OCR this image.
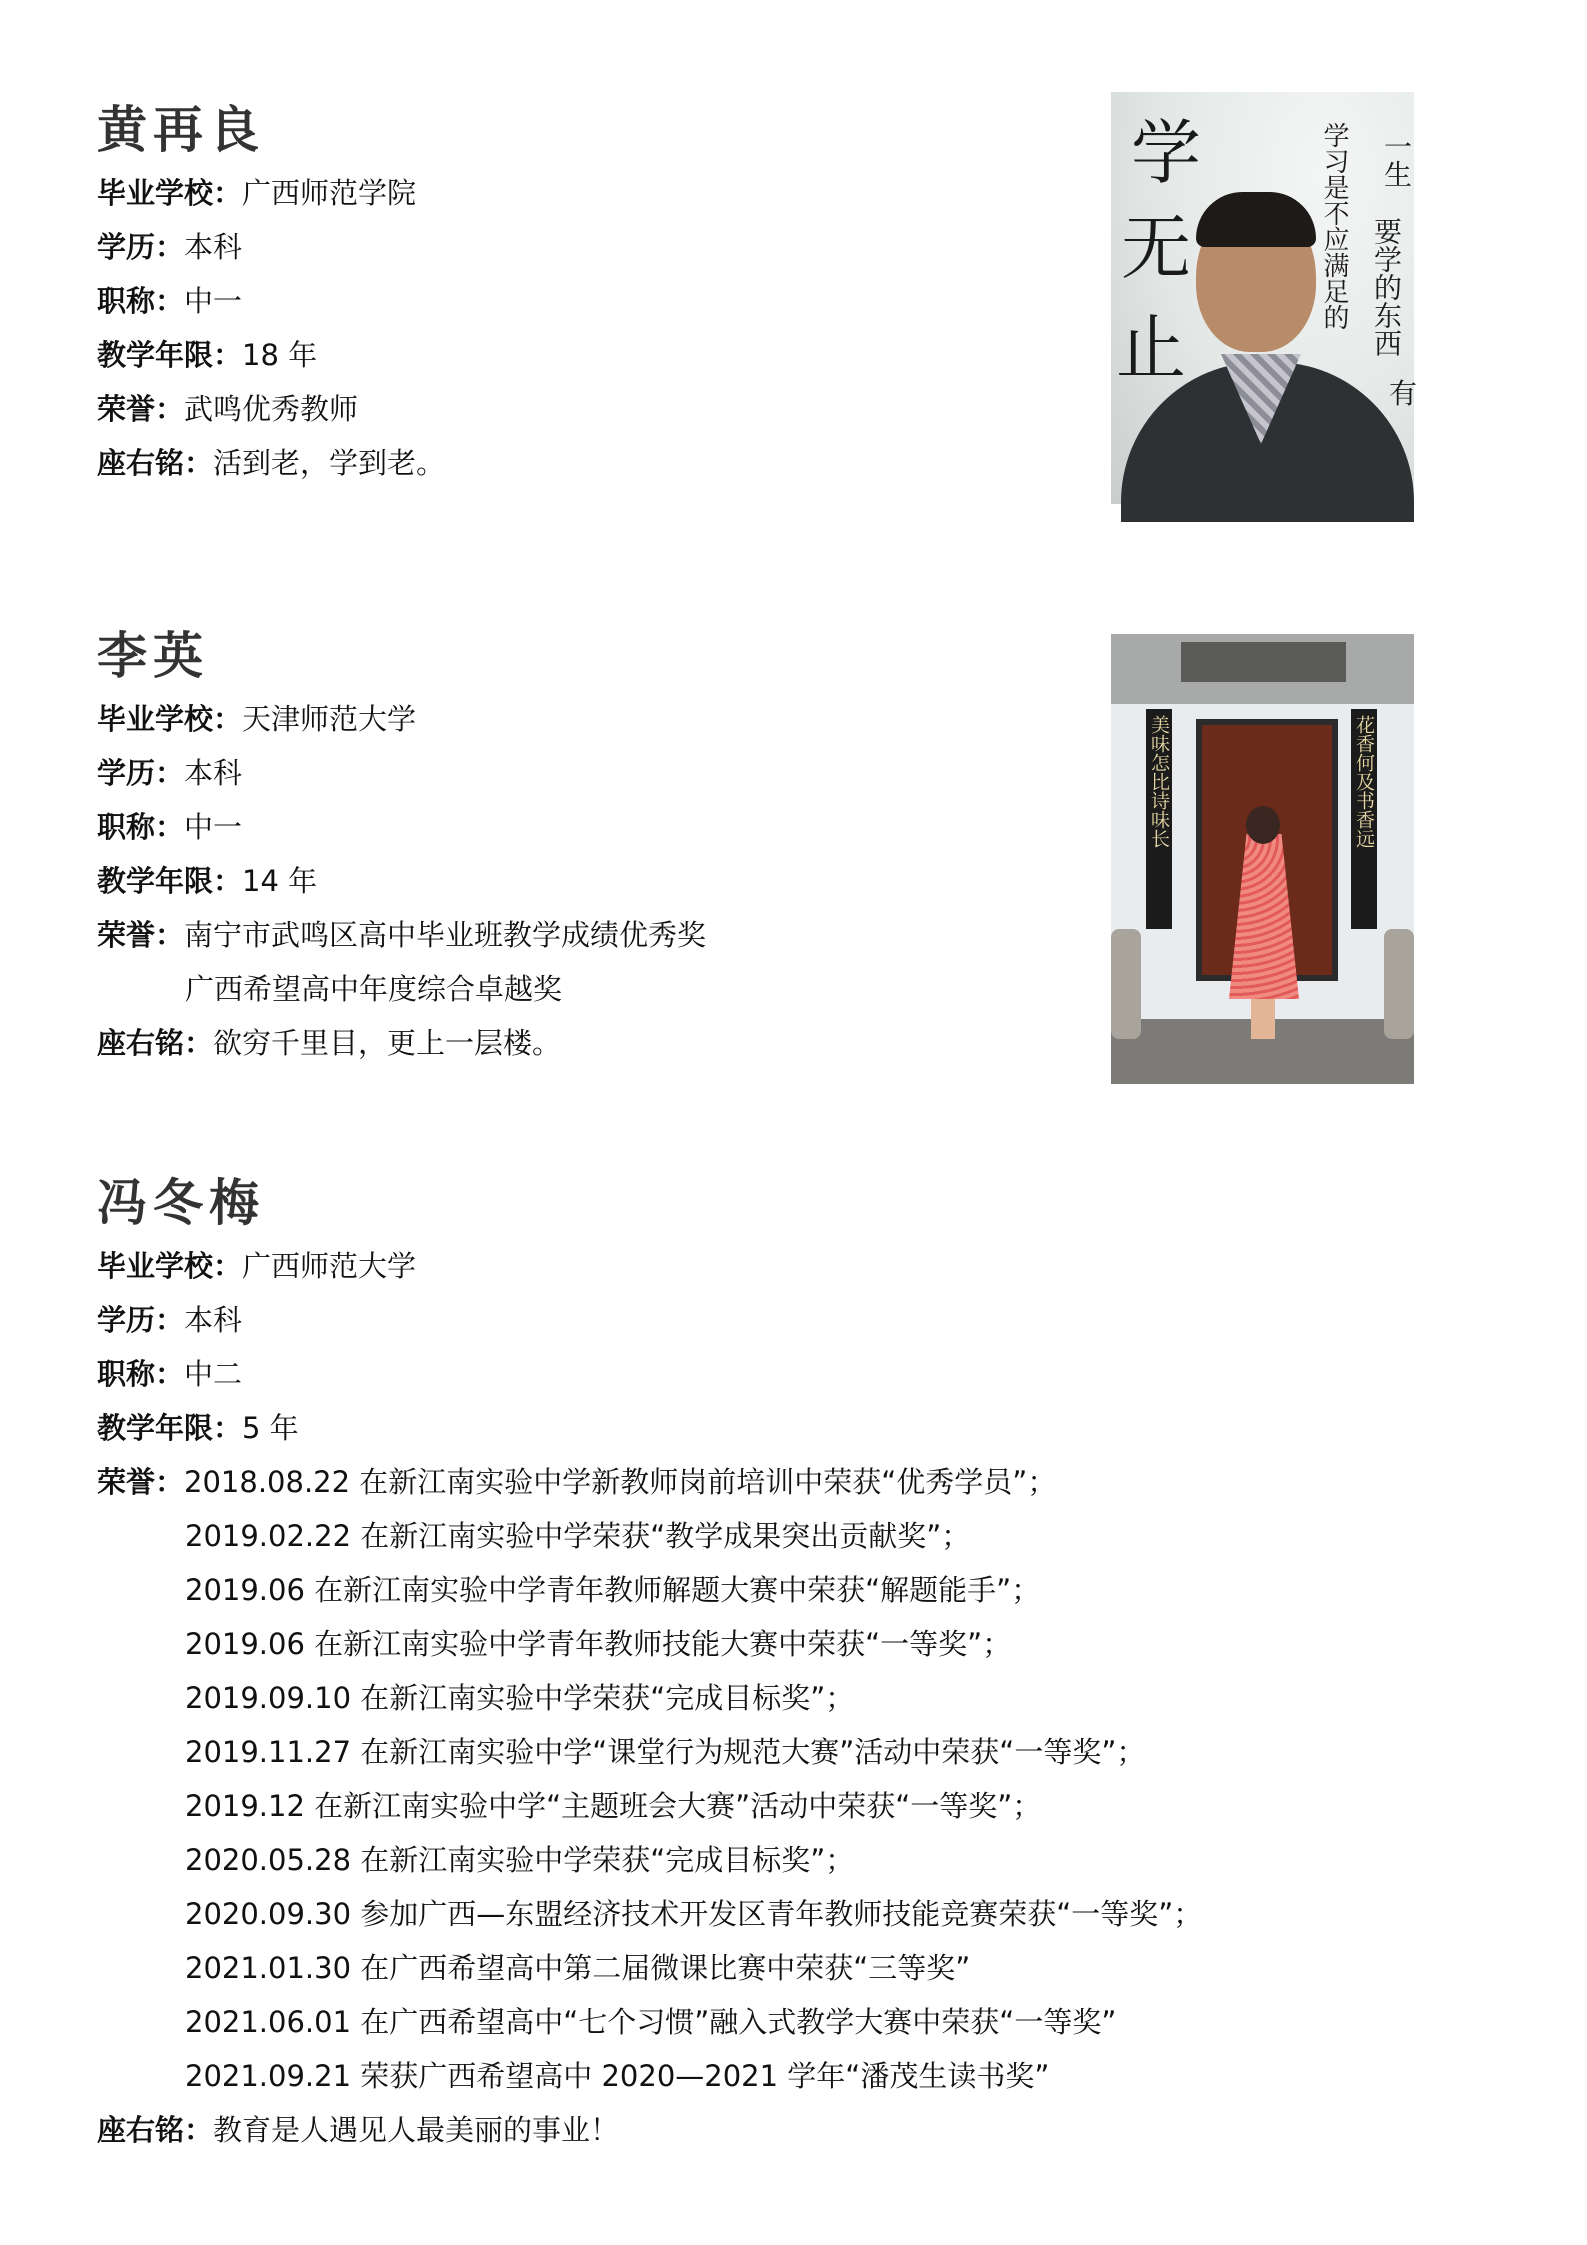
黄再良
毕业学校：广西师范学院
学历：本科
职称：中一
教学年限：18 年
荣誉：武鸣优秀教师
座右铭：活到老，学到老。
学
无
止
一生
要学的东西
学习是不应满足的
有
李英
毕业学校：天津师范大学
学历：本科
职称：中一
教学年限：14 年
荣誉：南宁市武鸣区高中毕业班教学成绩优秀奖
广西希望高中年度综合卓越奖
座右铭：欲穷千里目，更上一层楼。
美味怎比诗味长	花香何及书香远
冯冬梅
毕业学校：广西师范大学
学历：本科
职称：中二
教学年限：5 年
荣誉：2018.08.22 在新江南实验中学新教师岗前培训中荣获“优秀学员”；
2019.02.22 在新江南实验中学荣获“教学成果突出贡献奖”；
2019.06 在新江南实验中学青年教师解题大赛中荣获“解题能手”；
2019.06 在新江南实验中学青年教师技能大赛中荣获“一等奖”；
2019.09.10 在新江南实验中学荣获“完成目标奖”；
2019.11.27 在新江南实验中学“课堂行为规范大赛”活动中荣获“一等奖”；
2019.12 在新江南实验中学“主题班会大赛”活动中荣获“一等奖”；
2020.05.28 在新江南实验中学荣获“完成目标奖”；
2020.09.30 参加广西—东盟经济技术开发区青年教师技能竞赛荣获“一等奖”；
2021.01.30 在广西希望高中第二届微课比赛中荣获“三等奖”
2021.06.01 在广西希望高中“七个习惯”融入式教学大赛中荣获“一等奖”
2021.09.21 荣获广西希望高中 2020—2021 学年“潘茂生读书奖”
座右铭：教育是人遇见人最美丽的事业！
